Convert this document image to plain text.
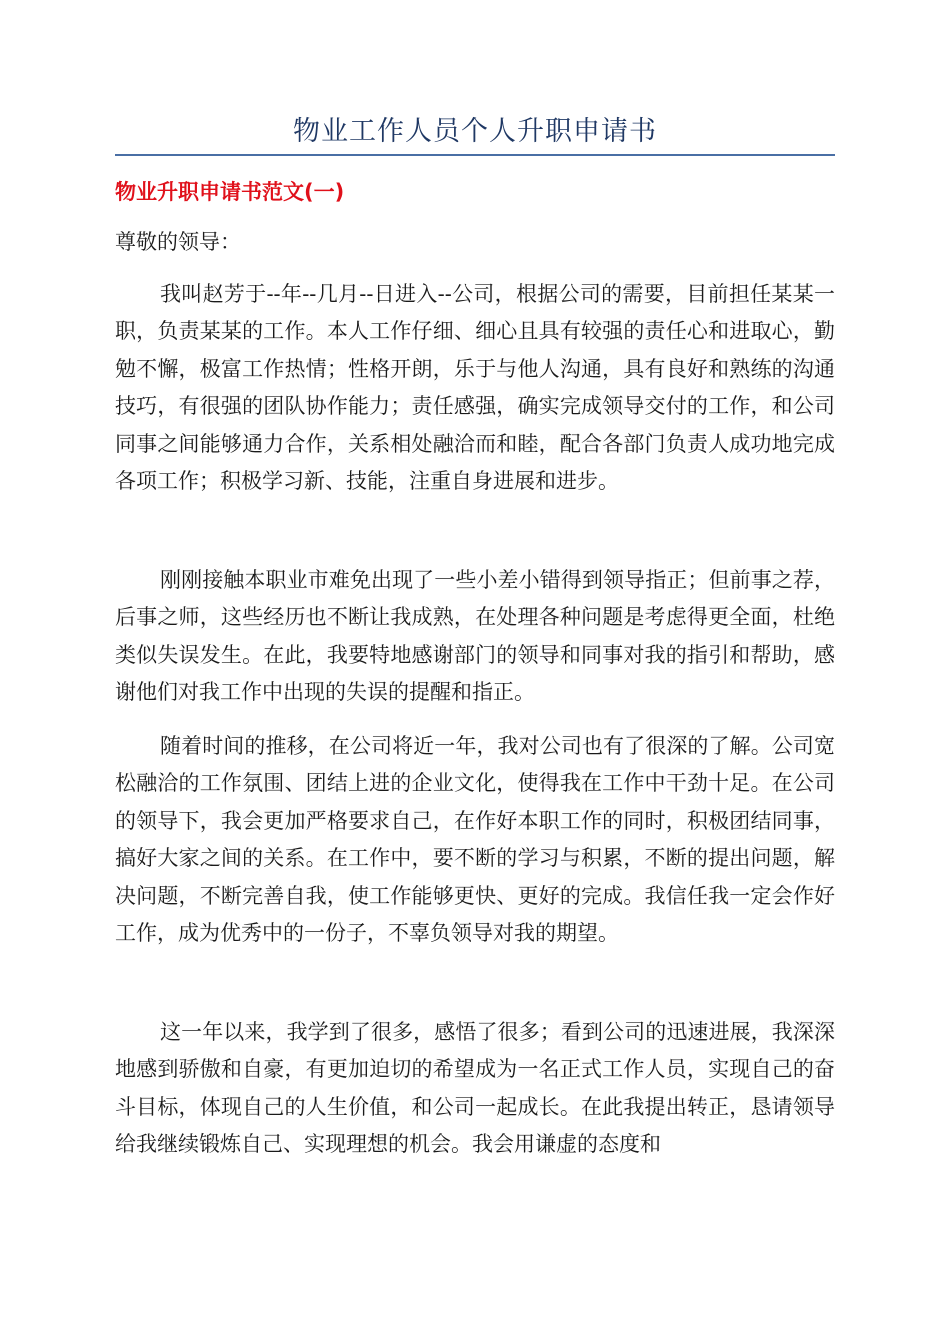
物业工作人员个人升职申请书
物业升职申请书范文(一)
尊敬的领导：

我叫赵芳于--年--几月--日进入--公司，根据公司的需要，目前担任某某一职，负责某某的工作。本人工作仔细、细心且具有较强的责任心和进取心，勤勉不懈，极富工作热情；性格开朗，乐于与他人沟通，具有良好和熟练的沟通技巧，有很强的团队协作能力；责任感强，确实完成领导交付的工作，和公司同事之间能够通力合作，关系相处融洽而和睦，配合各部门负责人成功地完成各项工作；积极学习新、技能，注重自身进展和进步。

刚刚接触本职业市难免出现了一些小差小错得到领导指正；但前事之荐，后事之师，这些经历也不断让我成熟，在处理各种问题是考虑得更全面，杜绝类似失误发生。在此，我要特地感谢部门的领导和同事对我的指引和帮助，感谢他们对我工作中出现的失误的提醒和指正。

随着时间的推移，在公司将近一年，我对公司也有了很深的了解。公司宽松融洽的工作氛围、团结上进的企业文化，使得我在工作中干劲十足。在公司的领导下，我会更加严格要求自己，在作好本职工作的同时，积极团结同事，搞好大家之间的关系。在工作中，要不断的学习与积累，不断的提出问题，解决问题，不断完善自我，使工作能够更快、更好的完成。我信任我一定会作好工作，成为优秀中的一份子，不辜负领导对我的期望。

这一年以来，我学到了很多，感悟了很多；看到公司的迅速进展，我深深地感到骄傲和自豪，有更加迫切的希望成为一名正式工作人员，实现自己的奋斗目标，体现自己的人生价值，和公司一起成长。在此我提出转正，恳请领导给我继续锻炼自己、实现理想的机会。我会用谦虚的态度和
